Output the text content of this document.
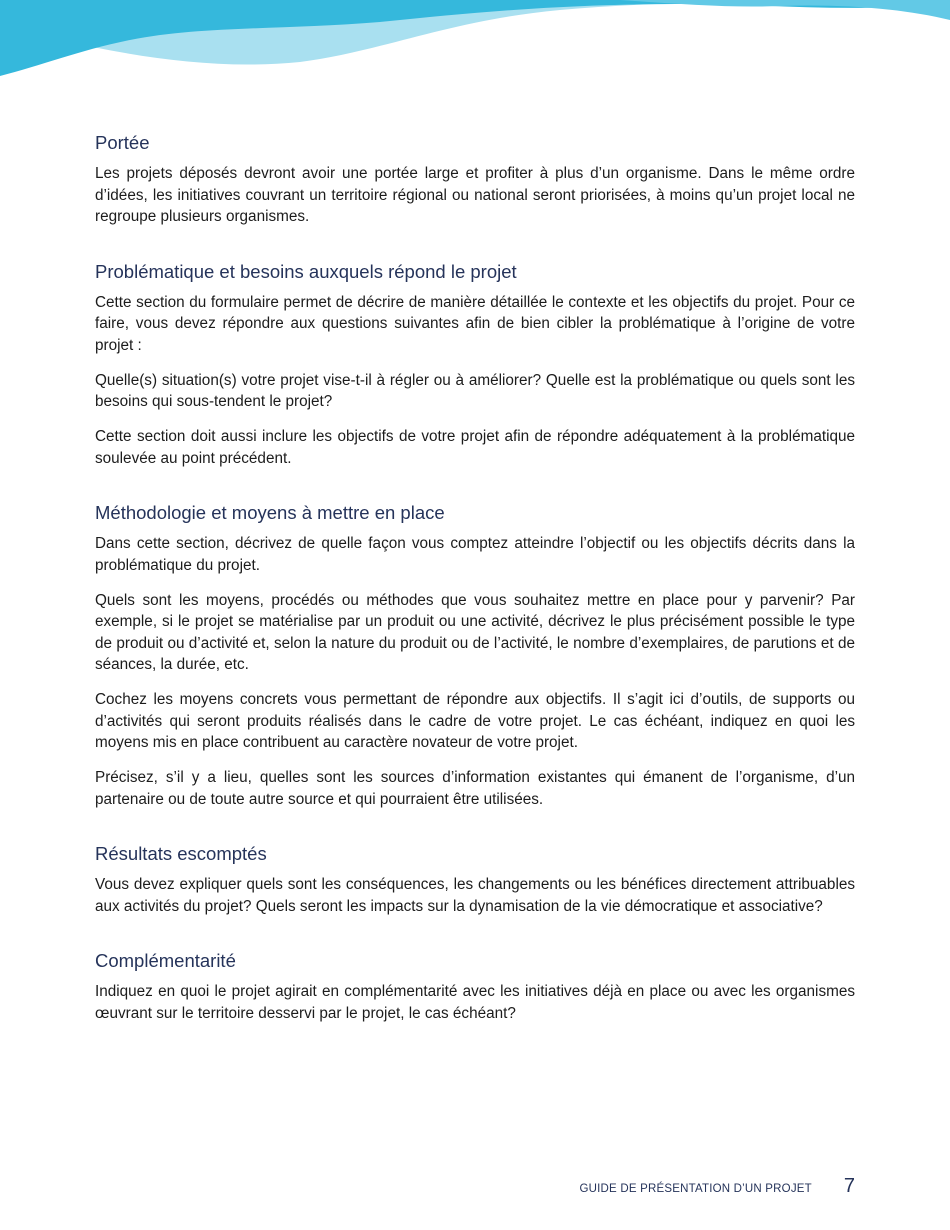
Portée

Les projets déposés devront avoir une portée large et profiter à plus d’un organisme. Dans le même ordre d’idées, les initiatives couvrant un territoire régional ou national seront priorisées, à moins qu’un projet local ne regroupe plusieurs organismes.

Problématique et besoins auxquels répond le projet

Cette section du formulaire permet de décrire de manière détaillée le contexte et les objectifs du projet. Pour ce faire, vous devez répondre aux questions suivantes afin de bien cibler la problématique à l’origine de votre projet :

Quelle(s) situation(s) votre projet vise-t-il à régler ou à améliorer? Quelle est la problématique ou quels sont les besoins qui sous-tendent le projet?

Cette section doit aussi inclure les objectifs de votre projet afin de répondre adéquatement à la problématique soulevée au point précédent.

Méthodologie et moyens à mettre en place

Dans cette section, décrivez de quelle façon vous comptez atteindre l’objectif ou les objectifs décrits dans la problématique du projet.

Quels sont les moyens, procédés ou méthodes que vous souhaitez mettre en place pour y parvenir? Par exemple, si le projet se matérialise par un produit ou une activité, décrivez le plus précisément possible le type de produit ou d’activité et, selon la nature du produit ou de l’activité, le nombre d’exemplaires, de parutions et de séances, la durée, etc.

Cochez les moyens concrets vous permettant de répondre aux objectifs. Il s’agit ici d’outils, de supports ou d’activités qui seront produits réalisés dans le cadre de votre projet. Le cas échéant, indiquez en quoi les moyens mis en place contribuent au caractère novateur de votre projet.

Précisez, s’il y a lieu, quelles sont les sources d’information existantes qui émanent de l’organisme, d’un partenaire ou de toute autre source et qui pourraient être utilisées.

Résultats escomptés

Vous devez expliquer quels sont les conséquences, les changements ou les bénéfices directement attribuables aux activités du projet? Quels seront les impacts sur la dynamisation de la vie démocratique et associative?

Complémentarité

Indiquez en quoi le projet agirait en complémentarité avec les initiatives déjà en place ou avec les organismes œuvrant sur le territoire desservi par le projet, le cas échéant?

GUIDE DE PRÉSENTATION D’UN PROJET 7
